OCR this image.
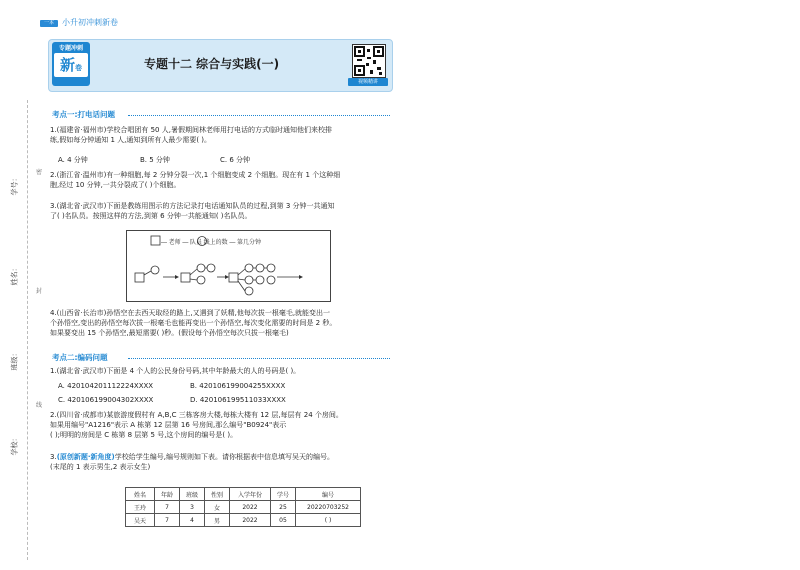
一本	小升初冲刺新卷
专题冲刺
新卷	专题十二 综合与实践(一)
视频精讲
学号：
姓名：
班级：
学校：
密
封
线
考点一:打电话问题
1.(福建省·福州市)学校合唱团有 50 人,暑假期间林老师用打电话的方式临时通知他们来校排
练,假如每分钟通知 1 人,通知到所有人最少需要( )。
A. 4 分钟	B. 5 分钟	C. 6 分钟
2.(浙江省·温州市)有一种细胞,每 2 分钟分裂一次,1 个细胞变成 2 个细胞。现在有 1 个这种细
胞,经过 10 分钟,一共分裂成了( )个细胞。
3.(湖北省·武汉市)下面是教练用图示的方法记录打电话通知队员的过程,到第 3 分钟一共通知
了( )名队员。按照这样的方法,到第 6 分钟一共能通知( )名队员。
— 老师 — 队员 线上的数 — 第几分钟
4.(山西省·长治市)孙悟空在去西天取经的路上,又遇到了妖精,他每次拔一根毫毛,就能变出一
个孙悟空,变出的孙悟空每次拔一根毫毛也能再变出一个孙悟空,每次变化需要的时间是 2 秒。
如果要变出 15 个孙悟空,最短需要( )秒。(假设每个孙悟空每次只拔一根毫毛)
考点二:编码问题
1.(湖北省·武汉市)下面是 4 个人的公民身份号码,其中年龄最大的人的号码是( )。
A. 420104201112224XXXX	B. 420106199004255XXXX
C. 420106199004302XXXX	D. 420106199511033XXXX
2.(四川省·成都市)某旅游度假村有 A,B,C 三栋客房大楼,每栋大楼有 12 层,每层有 24 个房间。
如果用编号"A1216"表示 A 栋第 12 层第 16 号房间,那么编号"B0924"表示
( );明明的房间是 C 栋第 8 层第 5 号,这个房间的编号是( )。
3.(原创新题·新角度)学校给学生编号,编号规则如下表。请你根据表中信息填写吴天的编号。
(末尾的 1 表示男生,2 表示女生)
姓名	年龄	班级	性别	入学年份	学号	编号
王玲	7	3	女	2022	25	20220703252
吴天	7	4	男	2022	05	( )
